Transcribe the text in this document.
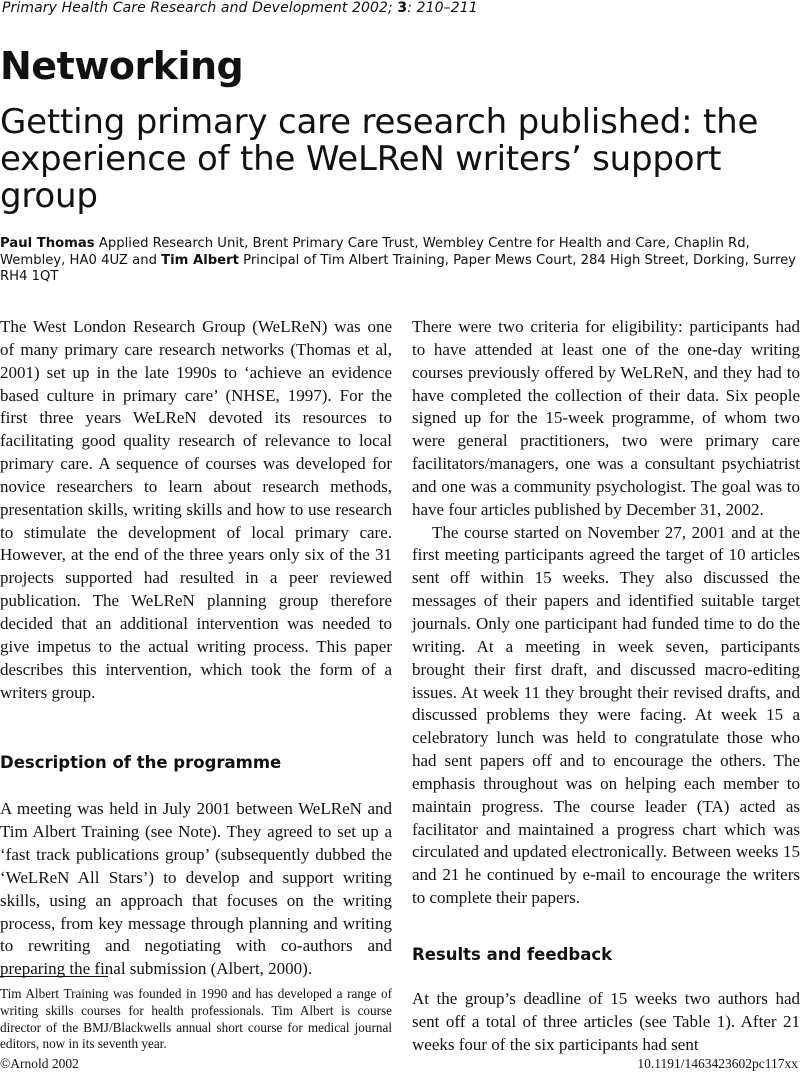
Primary Health Care Research and Development 2002; 3: 210–211
Networking
Getting primary care research published: the experience of the WeLReN writers’ support group
Paul Thomas Applied Research Unit, Brent Primary Care Trust, Wembley Centre for Health and Care, Chaplin Rd, Wembley, HA0 4UZ and Tim Albert Principal of Tim Albert Training, Paper Mews Court, 284 High Street, Dorking, Surrey RH4 1QT

The West London Research Group (WeLReN) was one of many primary care research networks (Thomas et al, 2001) set up in the late 1990s to ‘achieve an evidence based culture in primary care’ (NHSE, 1997). For the first three years WeLReN devoted its resources to facilitating good quality research of relevance to local primary care. A sequence of courses was developed for novice researchers to learn about research methods, presentation skills, writing skills and how to use research to stimulate the development of local primary care. However, at the end of the three years only six of the 31 projects supported had resulted in a peer reviewed publication. The WeLReN planning group therefore decided that an additional intervention was needed to give impetus to the actual writing process. This paper describes this intervention, which took the form of a writers group.

Description of the programme

A meeting was held in July 2001 between WeLReN and Tim Albert Training (see Note). They agreed to set up a ‘fast track publications group’ (subsequently dubbed the ‘WeLReN All Stars’) to develop and support writing skills, using an approach that focuses on the writing process, from key message through planning and writing to rewriting and negotiating with co-authors and preparing the final submission (Albert, 2000).

There were two criteria for eligibility: participants had to have attended at least one of the one-day writing courses previously offered by WeLReN, and they had to have completed the collection of their data. Six people signed up for the 15-week programme, of whom two were general practitioners, two were primary care facilitators/managers, one was a consultant psychiatrist and one was a community psychologist. The goal was to have four articles published by December 31, 2002.

The course started on November 27, 2001 and at the first meeting participants agreed the target of 10 articles sent off within 15 weeks. They also discussed the messages of their papers and identified suitable target journals. Only one participant had funded time to do the writing. At a meeting in week seven, participants brought their first draft, and discussed macro-editing issues. At week 11 they brought their revised drafts, and discussed problems they were facing. At week 15 a celebratory lunch was held to congratulate those who had sent papers off and to encourage the others. The emphasis throughout was on helping each member to maintain progress. The course leader (TA) acted as facilitator and maintained a progress chart which was circulated and updated electronically. Between weeks 15 and 21 he continued by e-mail to encourage the writers to complete their papers.

Results and feedback

At the group’s deadline of 15 weeks two authors had sent off a total of three articles (see Table 1). After 21 weeks four of the six participants had sent

Tim Albert Training was founded in 1990 and has developed a range of writing skills courses for health professionals. Tim Albert is course director of the BMJ/Blackwells annual short course for medical journal editors, now in its seventh year.
©Arnold 2002	10.1191/1463423602pc117xx
